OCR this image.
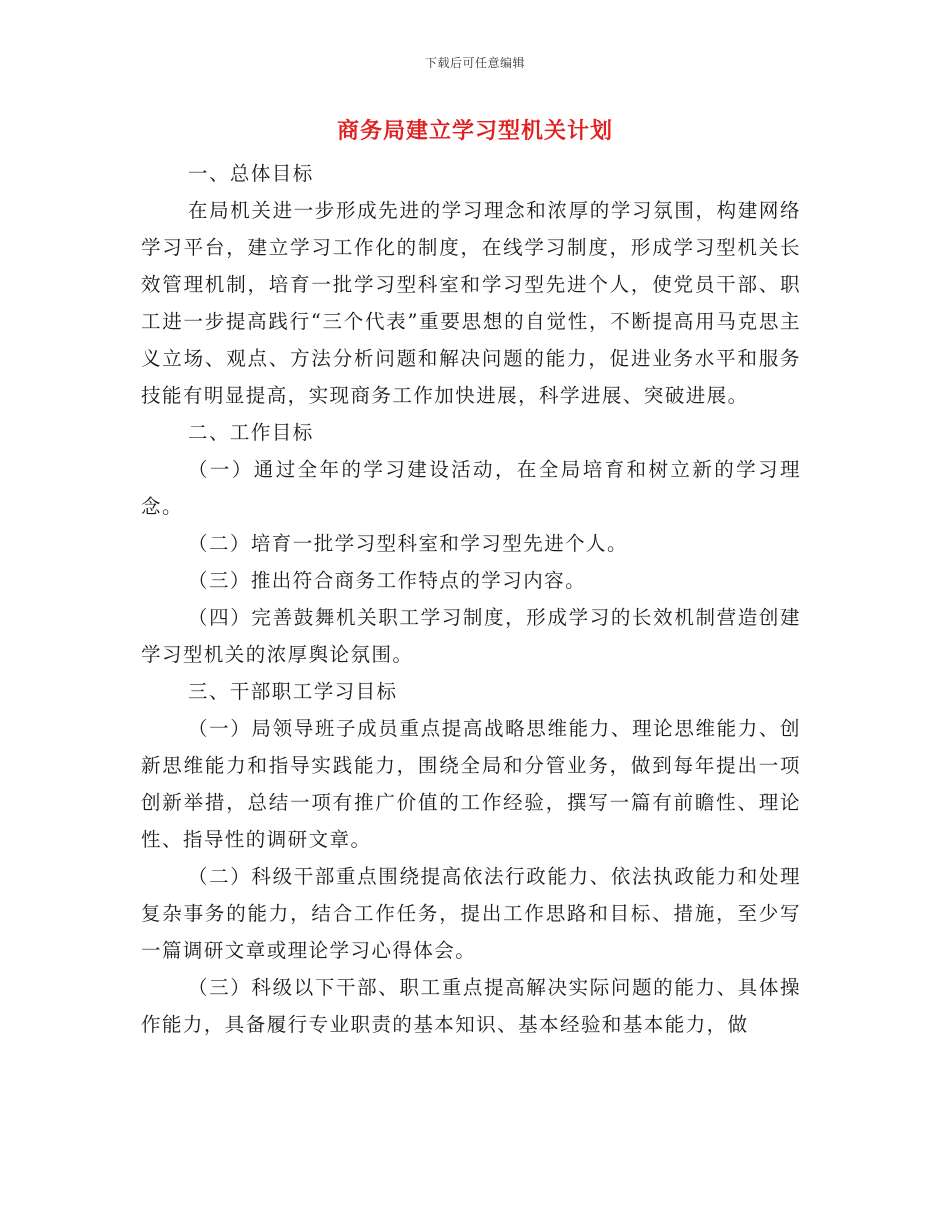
下载后可任意编辑
商务局建立学习型机关计划

一、总体目标

在局机关进一步形成先进的学习理念和浓厚的学习氛围，构建网络学习平台，建立学习工作化的制度，在线学习制度，形成学习型机关长效管理机制，培育一批学习型科室和学习型先进个人，使党员干部、职工进一步提高践行“三个代表”重要思想的自觉性，不断提高用马克思主义立场、观点、方法分析问题和解决问题的能力，促进业务水平和服务技能有明显提高，实现商务工作加快进展，科学进展、突破进展。

二、工作目标

（一）通过全年的学习建设活动，在全局培育和树立新的学习理念。

（二）培育一批学习型科室和学习型先进个人。

（三）推出符合商务工作特点的学习内容。

（四）完善鼓舞机关职工学习制度，形成学习的长效机制营造创建学习型机关的浓厚舆论氛围。

三、干部职工学习目标

（一）局领导班子成员重点提高战略思维能力、理论思维能力、创新思维能力和指导实践能力，围绕全局和分管业务，做到每年提出一项创新举措，总结一项有推广价值的工作经验，撰写一篇有前瞻性、理论性、指导性的调研文章。

（二）科级干部重点围绕提高依法行政能力、依法执政能力和处理复杂事务的能力，结合工作任务，提出工作思路和目标、措施，至少写一篇调研文章或理论学习心得体会。

（三）科级以下干部、职工重点提高解决实际问题的能力、具体操作能力，具备履行专业职责的基本知识、基本经验和基本能力，做
